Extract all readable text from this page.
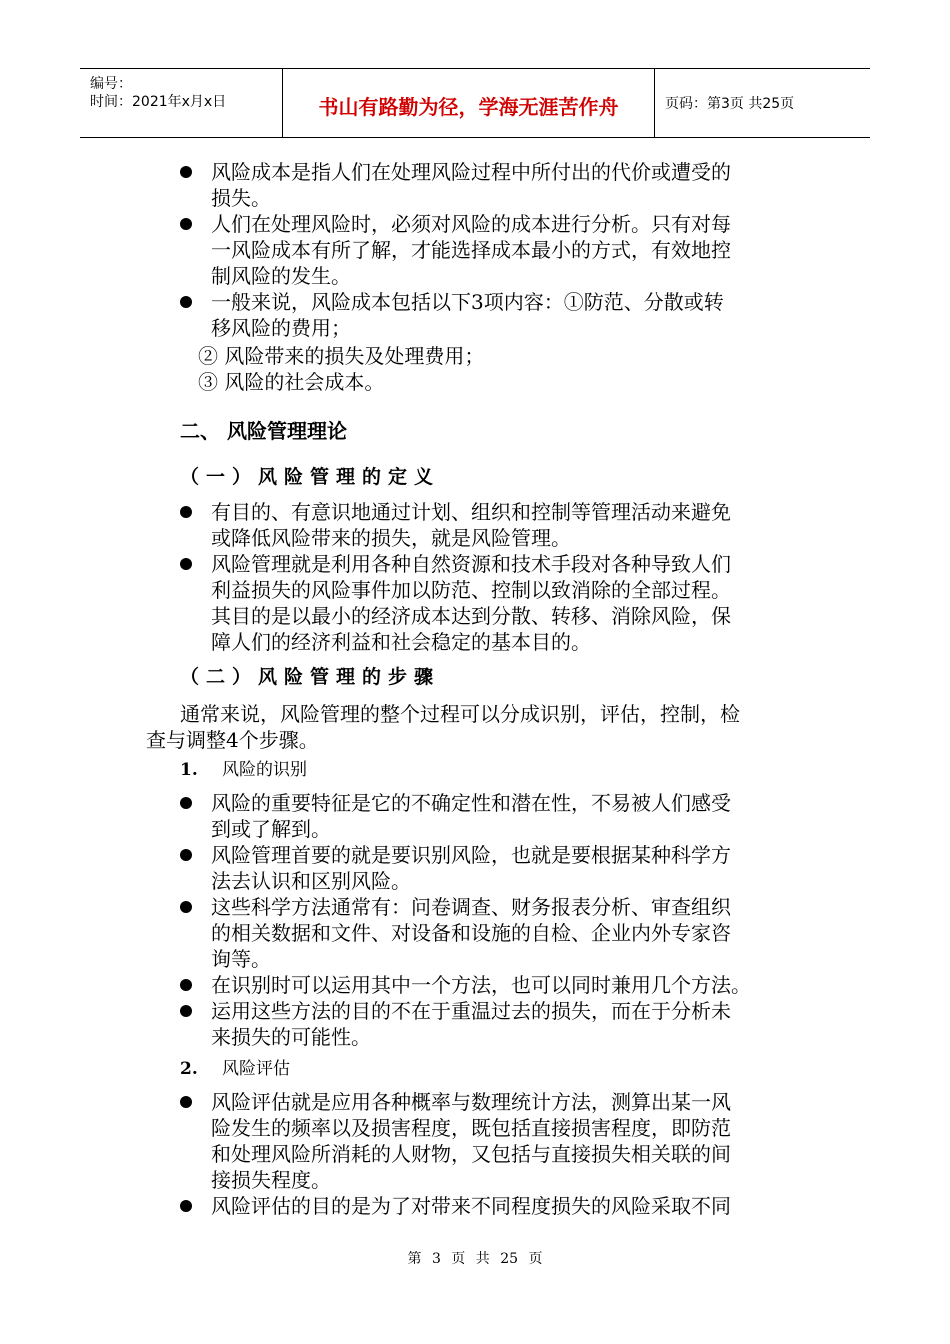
编号：
时间：2021年x月x日	书山有路勤为径，学海无涯苦作舟	页码：第3页 共25页
风险成本是指人们在处理风险过程中所付出的代价或遭受的
损失。
人们在处理风险时，必须对风险的成本进行分析。只有对每
一风险成本有所了解，才能选择成本最小的方式，有效地控
制风险的发生。
一般来说，风险成本包括以下3项内容：①防范、分散或转
移风险的费用；
② 风险带来的损失及处理费用；
③ 风险的社会成本。
二、 风险管理理论
（一）风险管理的定义
有目的、有意识地通过计划、组织和控制等管理活动来避免
或降低风险带来的损失，就是风险管理。
风险管理就是利用各种自然资源和技术手段对各种导致人们
利益损失的风险事件加以防范、控制以致消除的全部过程。
其目的是以最小的经济成本达到分散、转移、消除风险，保
障人们的经济利益和社会稳定的基本目的。
（二）风险管理的步骤
通常来说，风险管理的整个过程可以分成识别，评估，控制，检
查与调整4个步骤。
1. 风险的识别
风险的重要特征是它的不确定性和潜在性，不易被人们感受
到或了解到。
风险管理首要的就是要识别风险，也就是要根据某种科学方
法去认识和区别风险。
这些科学方法通常有：问卷调查、财务报表分析、审查组织
的相关数据和文件、对设备和设施的自检、企业内外专家咨
询等。
在识别时可以运用其中一个方法，也可以同时兼用几个方法。
运用这些方法的目的不在于重温过去的损失，而在于分析未
来损失的可能性。
2. 风险评估
风险评估就是应用各种概率与数理统计方法，测算出某一风
险发生的频率以及损害程度，既包括直接损害程度，即防范
和处理风险所消耗的人财物，又包括与直接损失相关联的间
接损失程度。
风险评估的目的是为了对带来不同程度损失的风险采取不同
第 3 页 共 25 页
